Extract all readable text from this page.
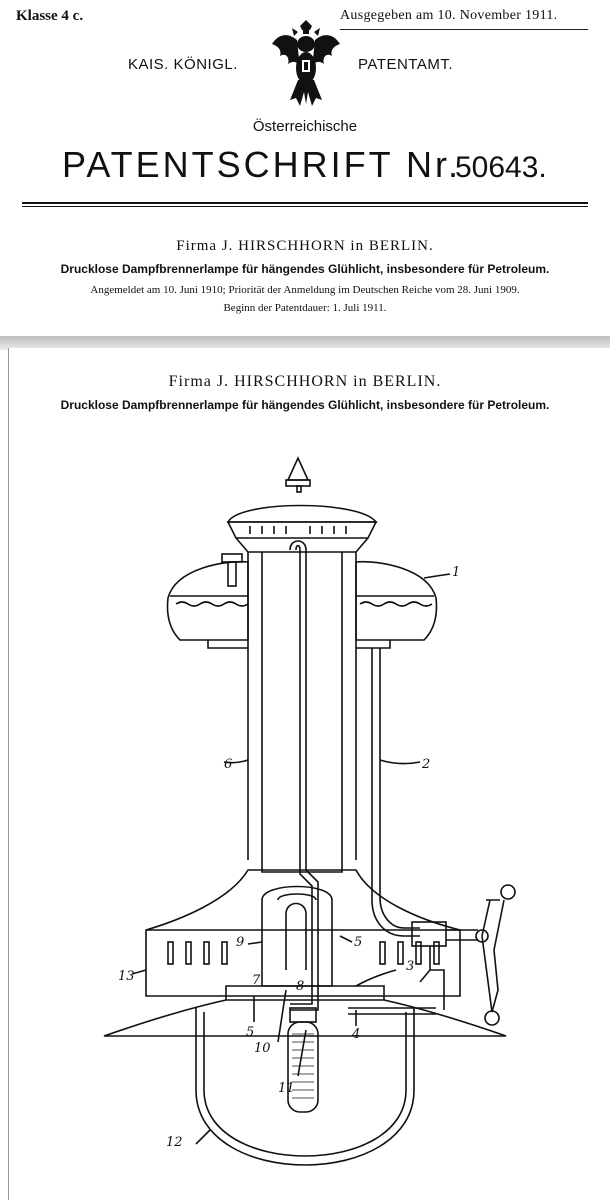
Klasse 4 c.	Ausgegeben am 10. November 1911.
KAIS. KÖNIGL.	PATENTAMT.
Österreichische
PATENTSCHRIFT Nr.
50643.
Firma J. HIRSCHHORN in BERLIN.
Drucklose Dampfbrennerlampe für hängendes Glühlicht, insbesondere für Petroleum.
Angemeldet am 10. Juni 1910; Priorität der Anmeldung im Deutschen Reiche vom 28. Juni 1909.
Beginn der Patentdauer: 1. Juli 1911.
Firma J. HIRSCHHORN in BERLIN.
Drucklose Dampfbrennerlampe für hängendes Glühlicht, insbesondere für Petroleum.
1
2
3
4
5
5
6
7	8
9
10
11
12
13
